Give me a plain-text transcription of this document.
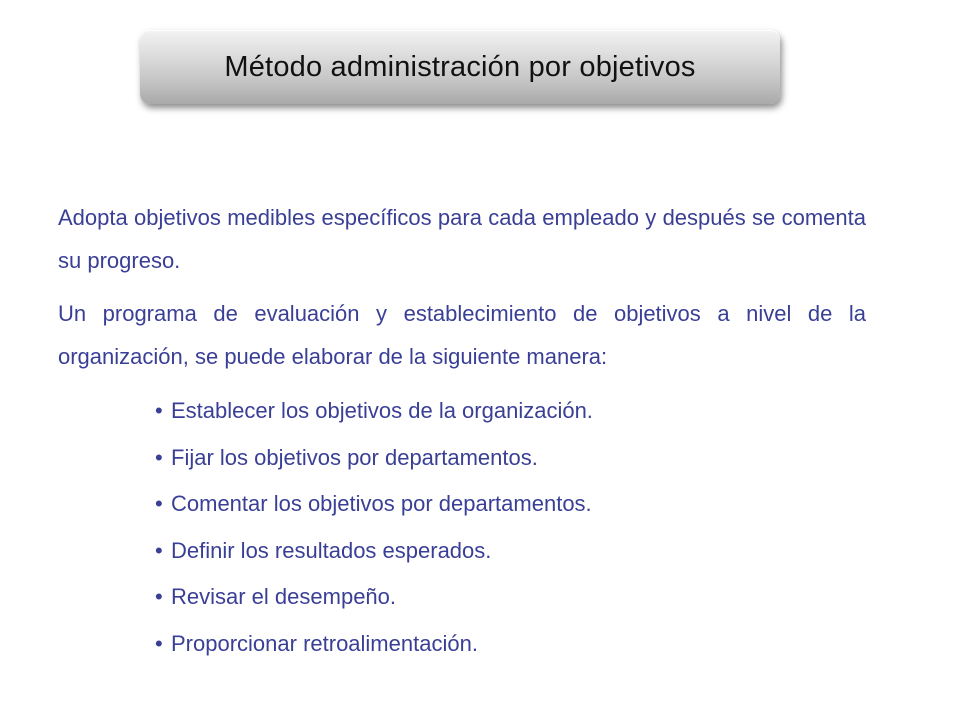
Método administración por objetivos

Adopta objetivos medibles específicos para cada empleado y después se comenta su progreso.

Un programa de evaluación y establecimiento de objetivos a nivel de la organización, se puede elaborar de la siguiente manera:

• Establecer los objetivos de la organización.
• Fijar los objetivos por departamentos.
• Comentar los objetivos por departamentos.
• Definir los resultados esperados.
• Revisar el desempeño.
• Proporcionar retroalimentación.
